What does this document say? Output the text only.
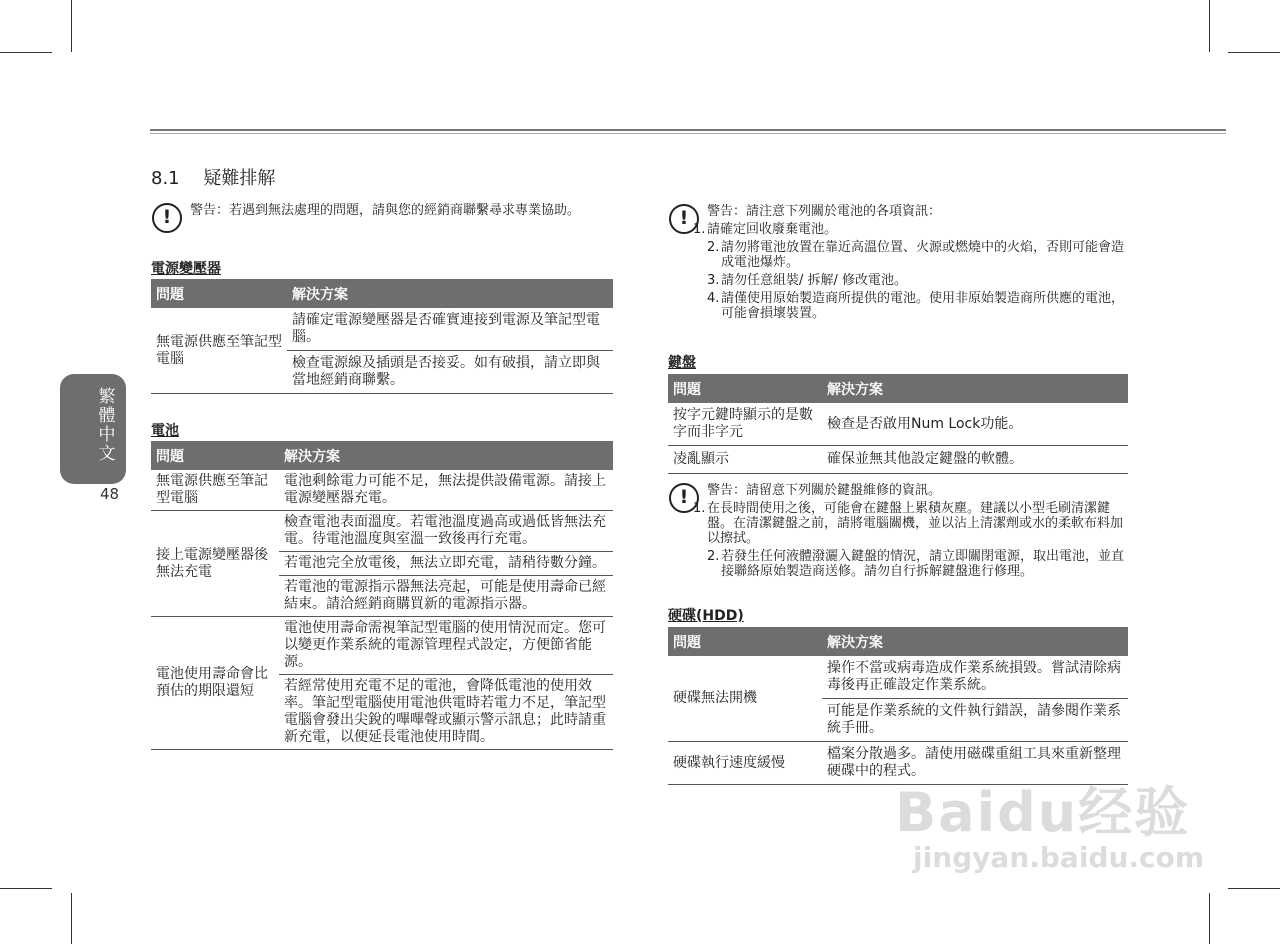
繁
體
中
文
48
8.1 疑難排解
!	警告：若遇到無法處理的問題，請與您的經銷商聯繫尋求專業協助。
電源變壓器
問題	解決方案
無電源供應至筆記型電腦	請確定電源變壓器是否確實連接到電源及筆記型電腦。
	檢查電源線及插頭是否接妥。如有破損，請立即與當地經銷商聯繫。
電池
問題	解決方案
無電源供應至筆記型電腦	電池剩餘電力可能不足，無法提供設備電源。請接上電源變壓器充電。
接上電源變壓器後無法充電	檢查電池表面溫度。若電池溫度過高或過低皆無法充電。待電池溫度與室溫一致後再行充電。
	若電池完全放電後，無法立即充電，請稍待數分鐘。
	若電池的電源指示器無法亮起，可能是使用壽命已經結束。請洽經銷商購買新的電源指示器。
電池使用壽命會比預估的期限還短	電池使用壽命需視筆記型電腦的使用情況而定。您可以變更作業系統的電源管理程式設定，方便節省能源。
	若經常使用充電不足的電池，會降低電池的使用效率。筆記型電腦使用電池供電時若電力不足，筆記型電腦會發出尖銳的嗶嗶聲或顯示警示訊息；此時請重新充電，以便延長電池使用時間。
!	警告：請注意下列關於電池的各項資訊：
1. 請確定回收廢棄電池。
2. 請勿將電池放置在靠近高溫位置、火源或燃燒中的火焰，否則可能會造成電池爆炸。
3. 請勿任意組裝/ 拆解/ 修改電池。
4. 請僅使用原始製造商所提供的電池。使用非原始製造商所供應的電池，可能會損壞裝置。
鍵盤
問題	解決方案
按字元鍵時顯示的是數字而非字元	檢查是否啟用Num Lock功能。
凌亂顯示	確保並無其他設定鍵盤的軟體。
!	警告：請留意下列關於鍵盤維修的資訊。
1. 在長時間使用之後，可能會在鍵盤上累積灰塵。建議以小型毛刷清潔鍵盤。在清潔鍵盤之前，請將電腦關機，並以沾上清潔劑或水的柔軟布料加以擦拭。
2. 若發生任何液體潑灑入鍵盤的情況，請立即關閉電源，取出電池，並直接聯絡原始製造商送修。請勿自行拆解鍵盤進行修理。
硬碟(HDD)
問題	解決方案
硬碟無法開機	操作不當或病毒造成作業系統損毀。嘗試清除病毒後再正確設定作業系統。
	可能是作業系統的文件執行錯誤，請參閱作業系統手冊。
硬碟執行速度緩慢	檔案分散過多。請使用磁碟重組工具來重新整理硬碟中的程式。
Baidu经验
jingyan.baidu.com
